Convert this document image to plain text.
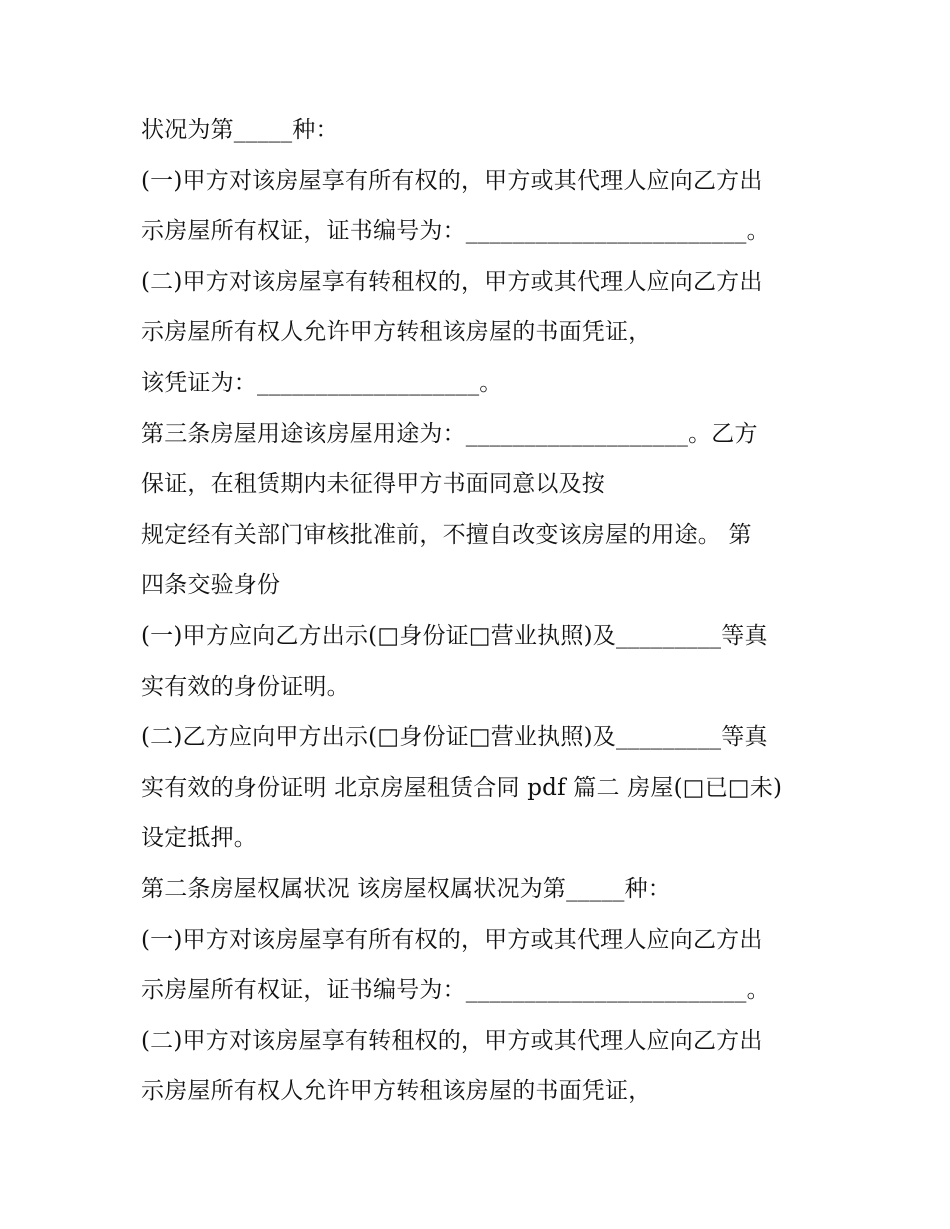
状况为第_____种：
(一)甲方对该房屋享有所有权的，甲方或其代理人应向乙方出
示房屋所有权证，证书编号为：________________________。
(二)甲方对该房屋享有转租权的，甲方或其代理人应向乙方出
示房屋所有权人允许甲方转租该房屋的书面凭证，
该凭证为：___________________。
第三条房屋用途该房屋用途为：___________________。乙方
保证，在租赁期内未征得甲方书面同意以及按
规定经有关部门审核批准前，不擅自改变该房屋的用途。 第
四条交验身份
(一)甲方应向乙方出示(□身份证□营业执照)及_________等真
实有效的身份证明。
(二)乙方应向甲方出示(□身份证□营业执照)及_________等真
实有效的身份证明 北京房屋租赁合同 pdf 篇二 房屋(□已□未)
设定抵押。
第二条房屋权属状况 该房屋权属状况为第_____种：
(一)甲方对该房屋享有所有权的，甲方或其代理人应向乙方出
示房屋所有权证，证书编号为：________________________。
(二)甲方对该房屋享有转租权的，甲方或其代理人应向乙方出
示房屋所有权人允许甲方转租该房屋的书面凭证，
